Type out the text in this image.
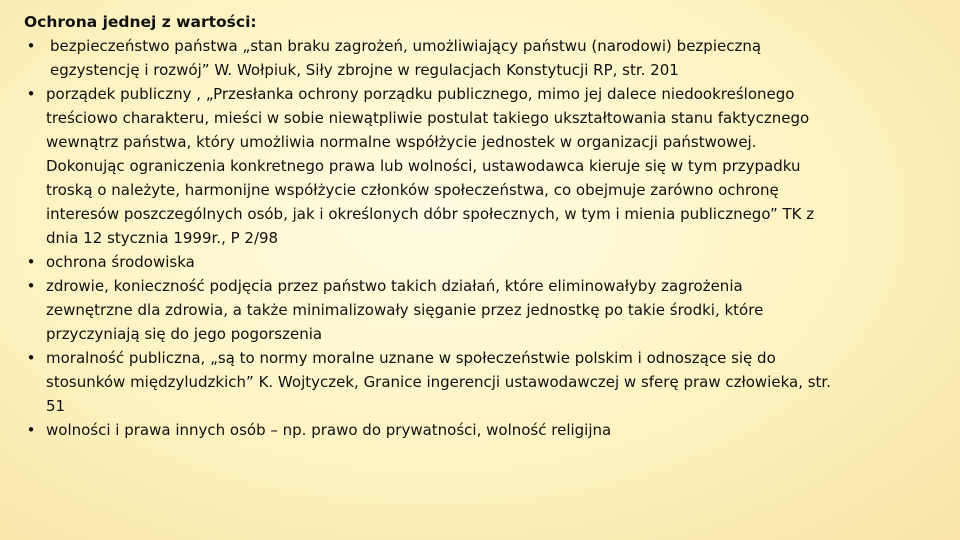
Ochrona jednej z wartości:

• bezpieczeństwo państwa „stan braku zagrożeń, umożliwiający państwu (narodowi) bezpieczną egzystencję i rozwój” W. Wołpiuk, Siły zbrojne w regulacjach Konstytucji RP, str. 201
• porządek publiczny , „Przesłanka ochrony porządku publicznego, mimo jej dalece niedookreślonego treściowo charakteru, mieści w sobie niewątpliwie postulat takiego ukształtowania stanu faktycznego wewnątrz państwa, który umożliwia normalne współżycie jednostek w organizacji państwowej. Dokonując ograniczenia konkretnego prawa lub wolności, ustawodawca kieruje się w tym przypadku troską o należyte, harmonijne współżycie członków społeczeństwa, co obejmuje zarówno ochronę interesów poszczególnych osób, jak i określonych dóbr społecznych, w tym i mienia publicznego” TK z dnia 12 stycznia 1999r., P 2/98
• ochrona środowiska
• zdrowie, konieczność podjęcia przez państwo takich działań, które eliminowałyby zagrożenia zewnętrzne dla zdrowia, a także minimalizowały sięganie przez jednostkę po takie środki, które przyczyniają się do jego pogorszenia
• moralność publiczna, „są to normy moralne uznane w społeczeństwie polskim i odnoszące się do stosunków międzyludzkich” K. Wojtyczek, Granice ingerencji ustawodawczej w sferę praw człowieka, str. 51
• wolności i prawa innych osób – np. prawo do prywatności, wolność religijna
